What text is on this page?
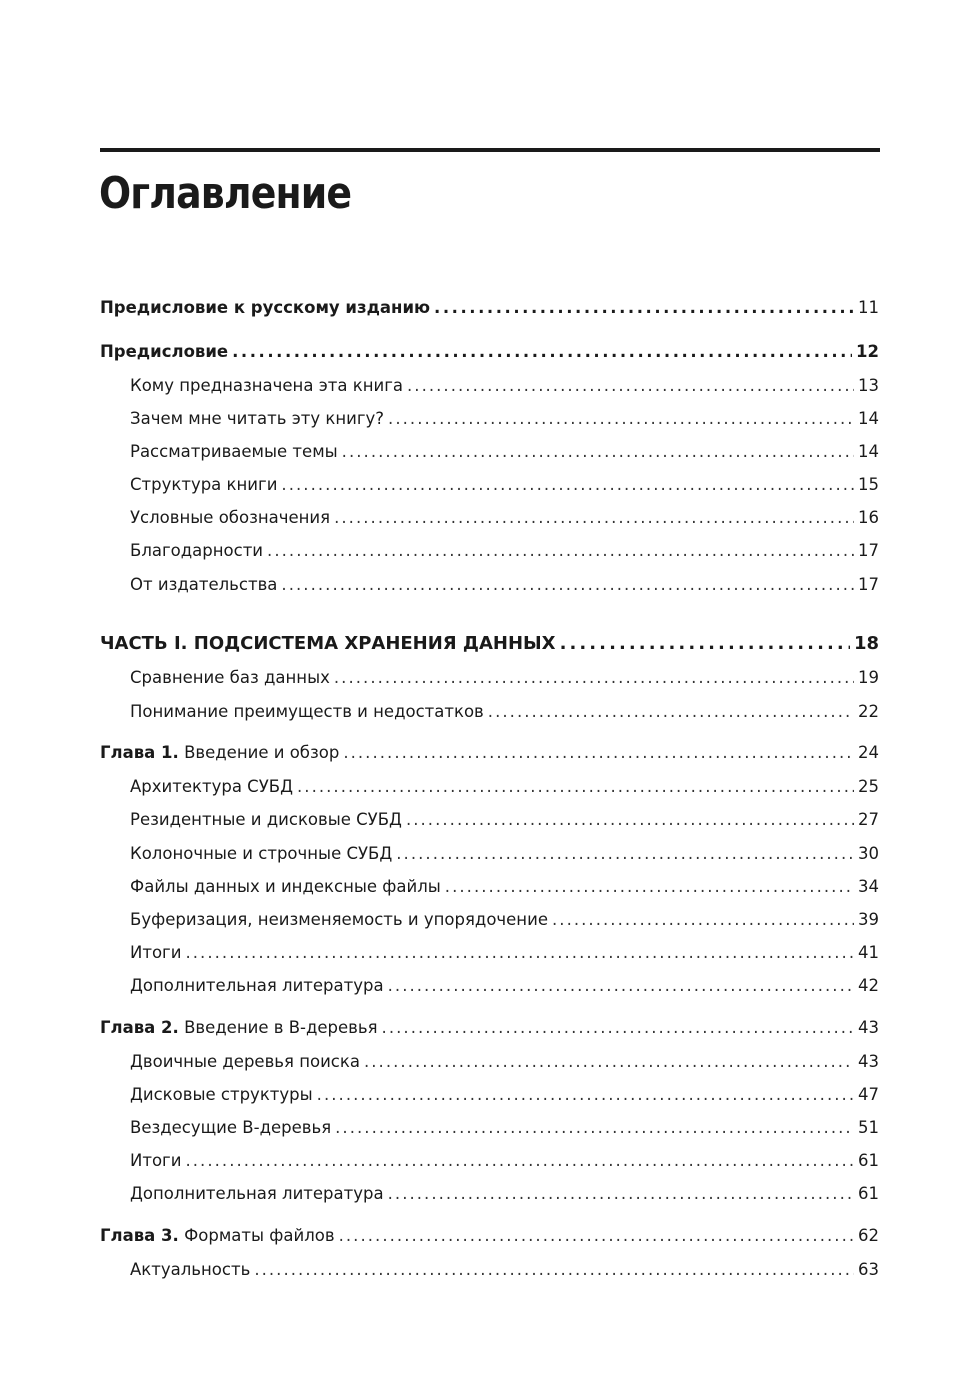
Оглавление
Предисловие к русскому изданию . . .	11
Предисловие . . .	12
Кому предназначена эта книга . . .	13
Зачем мне читать эту книгу? . . .	14
Рассматриваемые темы . . .	14
Структура книги . . .	15
Условные обозначения . . .	16
Благодарности . . .	17
От издательства . . .	17
ЧАСТЬ I. ПОДСИСТЕМА ХРАНЕНИЯ ДАННЫХ . . .	18
Сравнение баз данных . . .	19
Понимание преимуществ и недостатков . . .	22
Глава 1. Введение и обзор . . .	24
Архитектура СУБД . . .	25
Резидентные и дисковые СУБД . . .	27
Колоночные и строчные СУБД . . .	30
Файлы данных и индексные файлы . . .	34
Буферизация, неизменяемость и упорядочение . . .	39
Итоги . . .	41
Дополнительная литература . . .	42
Глава 2. Введение в B-деревья . . .	43
Двоичные деревья поиска . . .	43
Дисковые структуры . . .	47
Вездесущие B-деревья . . .	51
Итоги . . .	61
Дополнительная литература . . .	61
Глава 3. Форматы файлов . . .	62
Актуальность . . .	63
